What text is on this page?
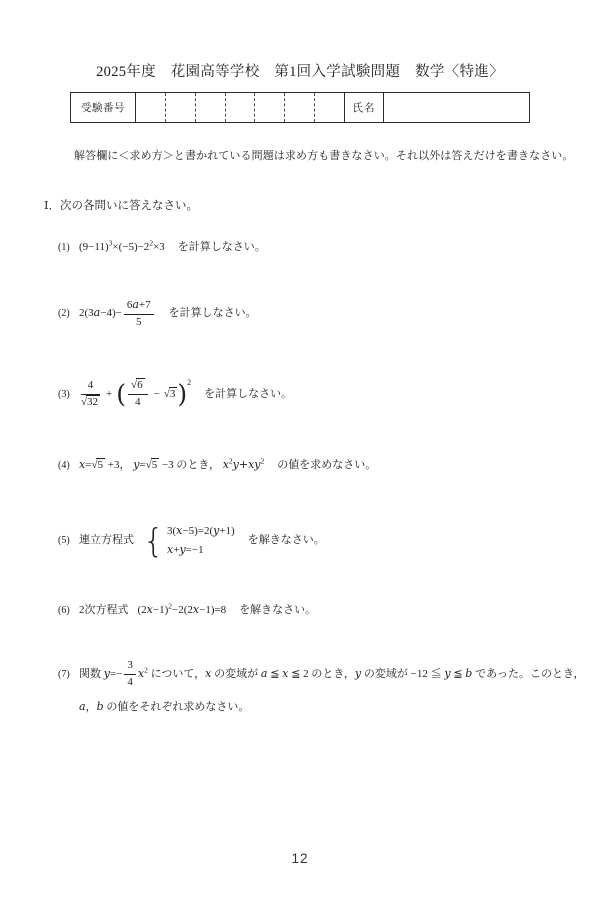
2025年度　花園高等学校　第1回入学試験問題　数学〈特進〉
受験番号	氏名
解答欄に＜求め方＞と書かれている問題は求め方も書きなさい。それ以外は答えだけを書きなさい。
Ⅰ．次の各問いに答えなさい。
(1) $(9-11)^3\times(-5)-2^2\times 3$ を計算しなさい。
(2) $2(3a-4)- \frac{6a+7}{5}$ を計算しなさい。
$(3) \frac{4}{√32}$ + ( $\frac{√6}{4} - √3)^2$を計算しなさい。
(4) x=√5 +3， y=√5 −3 のとき， $x^2y+xy^2$ の値を求めなさい。
(5) 連立方程式 { 3(x−5)=2(y+1)
x+y=−1
を解きなさい。
(6) 2次方程式 $(2x-1)^2-2(2x-1)=8$ を解きなさい。
(7) 関数 $y=- \frac{3}{4} x^2$ について，x の変域が a ≦ x ≦ 2 のとき，y の変域が −12 ≦ y ≦ b であった。このとき，
a，b の値をそれぞれ求めなさい。
12
